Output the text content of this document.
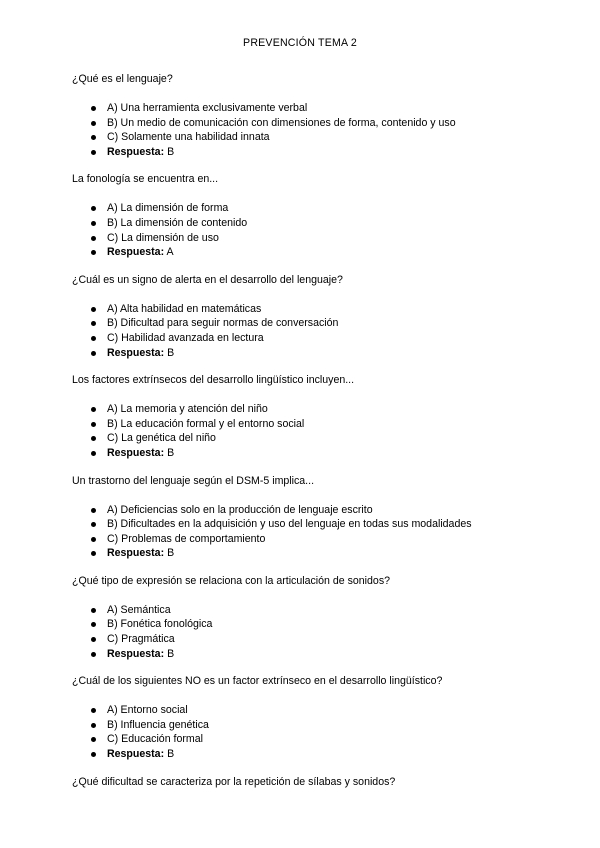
PREVENCIÓN TEMA 2

¿Qué es el lenguaje?

A) Una herramienta exclusivamente verbal
B) Un medio de comunicación con dimensiones de forma, contenido y uso
C) Solamente una habilidad innata
Respuesta: B

La fonología se encuentra en...

A) La dimensión de forma
B) La dimensión de contenido
C) La dimensión de uso
Respuesta: A

¿Cuál es un signo de alerta en el desarrollo del lenguaje?

A) Alta habilidad en matemáticas
B) Dificultad para seguir normas de conversación
C) Habilidad avanzada en lectura
Respuesta: B

Los factores extrínsecos del desarrollo lingüístico incluyen...

A) La memoria y atención del niño
B) La educación formal y el entorno social
C) La genética del niño
Respuesta: B

Un trastorno del lenguaje según el DSM-5 implica...

A) Deficiencias solo en la producción de lenguaje escrito
B) Dificultades en la adquisición y uso del lenguaje en todas sus modalidades
C) Problemas de comportamiento
Respuesta: B

¿Qué tipo de expresión se relaciona con la articulación de sonidos?

A) Semántica
B) Fonética fonológica
C) Pragmática
Respuesta: B

¿Cuál de los siguientes NO es un factor extrínseco en el desarrollo lingüístico?

A) Entorno social
B) Influencia genética
C) Educación formal
Respuesta: B

¿Qué dificultad se caracteriza por la repetición de sílabas y sonidos?
